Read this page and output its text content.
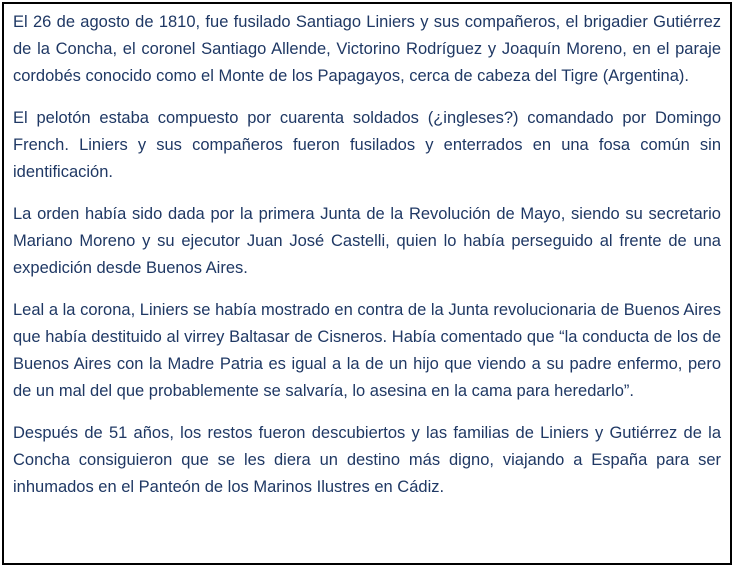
El 26 de agosto de 1810, fue fusilado Santiago Liniers y sus compañeros, el brigadier Gutiérrez de la Concha, el coronel Santiago Allende, Victorino Rodríguez y Joaquín Moreno, en el paraje cordobés conocido como el Monte de los Papagayos, cerca de cabeza del Tigre (Argentina).

El pelotón estaba compuesto por cuarenta soldados (¿ingleses?) comandado por Domingo French. Liniers y sus compañeros fueron fusilados y enterrados en una fosa común sin identificación.

La orden había sido dada por la primera Junta de la Revolución de Mayo, siendo su secretario Mariano Moreno y su ejecutor Juan José Castelli, quien lo había perseguido al frente de una expedición desde Buenos Aires.

Leal a la corona, Liniers se había mostrado en contra de la Junta revolucionaria de Buenos Aires que había destituido al virrey Baltasar de Cisneros. Había comentado que “la conducta de los de Buenos Aires con la Madre Patria es igual a la de un hijo que viendo a su padre enfermo, pero de un mal del que probablemente se salvaría, lo asesina en la cama para heredarlo”.

Después de 51 años, los restos fueron descubiertos y las familias de Liniers y Gutiérrez de la Concha consiguieron que se les diera un destino más digno, viajando a España para ser inhumados en el Panteón de los Marinos Ilustres en Cádiz.
